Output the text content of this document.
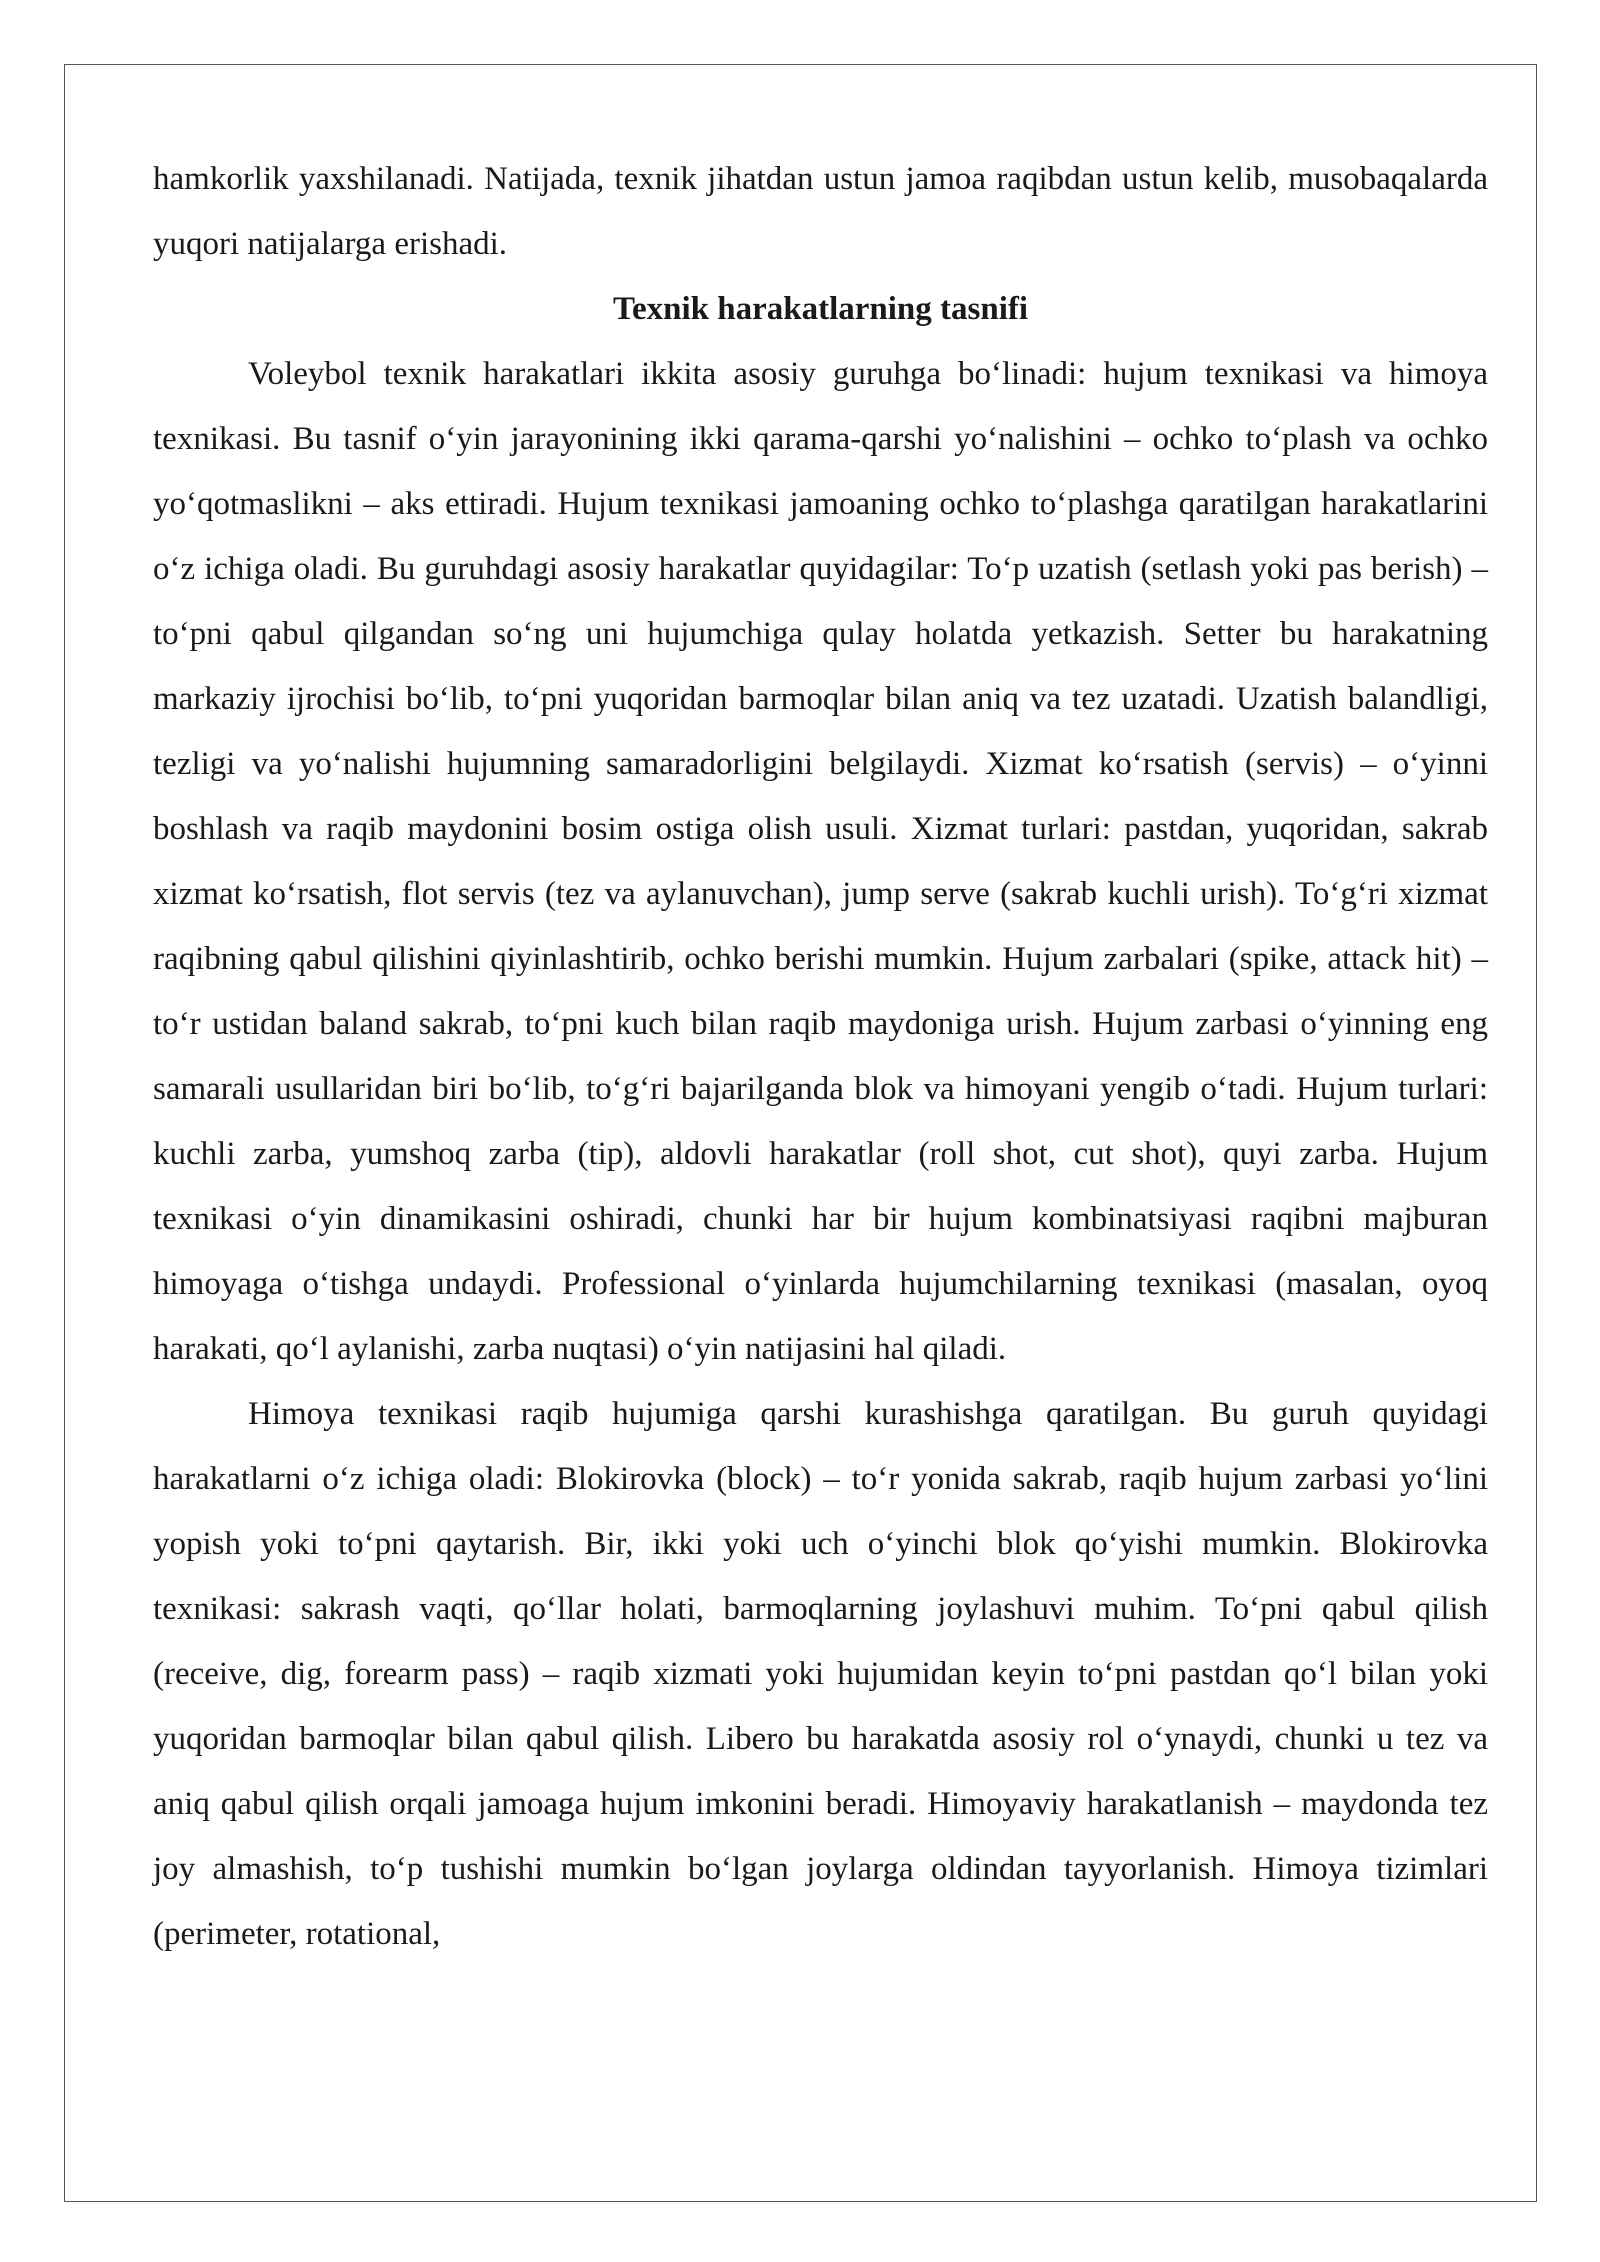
hamkorlik yaxshilanadi. Natijada, texnik jihatdan ustun jamoa raqibdan ustun kelib, musobaqalarda yuqori natijalarga erishadi.

Texnik harakatlarning tasnifi

Voleybol texnik harakatlari ikkita asosiy guruhga bo‘linadi: hujum texnikasi va himoya texnikasi. Bu tasnif o‘yin jarayonining ikki qarama-qarshi yo‘nalishini – ochko to‘plash va ochko yo‘qotmaslikni – aks ettiradi. Hujum texnikasi jamoaning ochko to‘plashga qaratilgan harakatlarini o‘z ichiga oladi. Bu guruhdagi asosiy harakatlar quyidagilar: To‘p uzatish (setlash yoki pas berish) – to‘pni qabul qilgandan so‘ng uni hujumchiga qulay holatda yetkazish. Setter bu harakatning markaziy ijrochisi bo‘lib, to‘pni yuqoridan barmoqlar bilan aniq va tez uzatadi. Uzatish balandligi, tezligi va yo‘nalishi hujumning samaradorligini belgilaydi. Xizmat ko‘rsatish (servis) – o‘yinni boshlash va raqib maydonini bosim ostiga olish usuli. Xizmat turlari: pastdan, yuqoridan, sakrab xizmat ko‘rsatish, flot servis (tez va aylanuvchan), jump serve (sakrab kuchli urish). To‘g‘ri xizmat raqibning qabul qilishini qiyinlashtirib, ochko berishi mumkin. Hujum zarbalari (spike, attack hit) – to‘r ustidan baland sakrab, to‘pni kuch bilan raqib maydoniga urish. Hujum zarbasi o‘yinning eng samarali usullaridan biri bo‘lib, to‘g‘ri bajarilganda blok va himoyani yengib o‘tadi. Hujum turlari: kuchli zarba, yumshoq zarba (tip), aldovli harakatlar (roll shot, cut shot), quyi zarba. Hujum texnikasi o‘yin dinamikasini oshiradi, chunki har bir hujum kombinatsiyasi raqibni majburan himoyaga o‘tishga undaydi. Professional o‘yinlarda hujumchilarning texnikasi (masalan, oyoq harakati, qo‘l aylanishi, zarba nuqtasi) o‘yin natijasini hal qiladi.

Himoya texnikasi raqib hujumiga qarshi kurashishga qaratilgan. Bu guruh quyidagi harakatlarni o‘z ichiga oladi: Blokirovka (block) – to‘r yonida sakrab, raqib hujum zarbasi yo‘lini yopish yoki to‘pni qaytarish. Bir, ikki yoki uch o‘yinchi blok qo‘yishi mumkin. Blokirovka texnikasi: sakrash vaqti, qo‘llar holati, barmoqlarning joylashuvi muhim. To‘pni qabul qilish (receive, dig, forearm pass) – raqib xizmati yoki hujumidan keyin to‘pni pastdan qo‘l bilan yoki yuqoridan barmoqlar bilan qabul qilish. Libero bu harakatda asosiy rol o‘ynaydi, chunki u tez va aniq qabul qilish orqali jamoaga hujum imkonini beradi. Himoyaviy harakatlanish – maydonda tez joy almashish, to‘p tushishi mumkin bo‘lgan joylarga oldindan tayyorlanish. Himoya tizimlari (perimeter, rotational,
